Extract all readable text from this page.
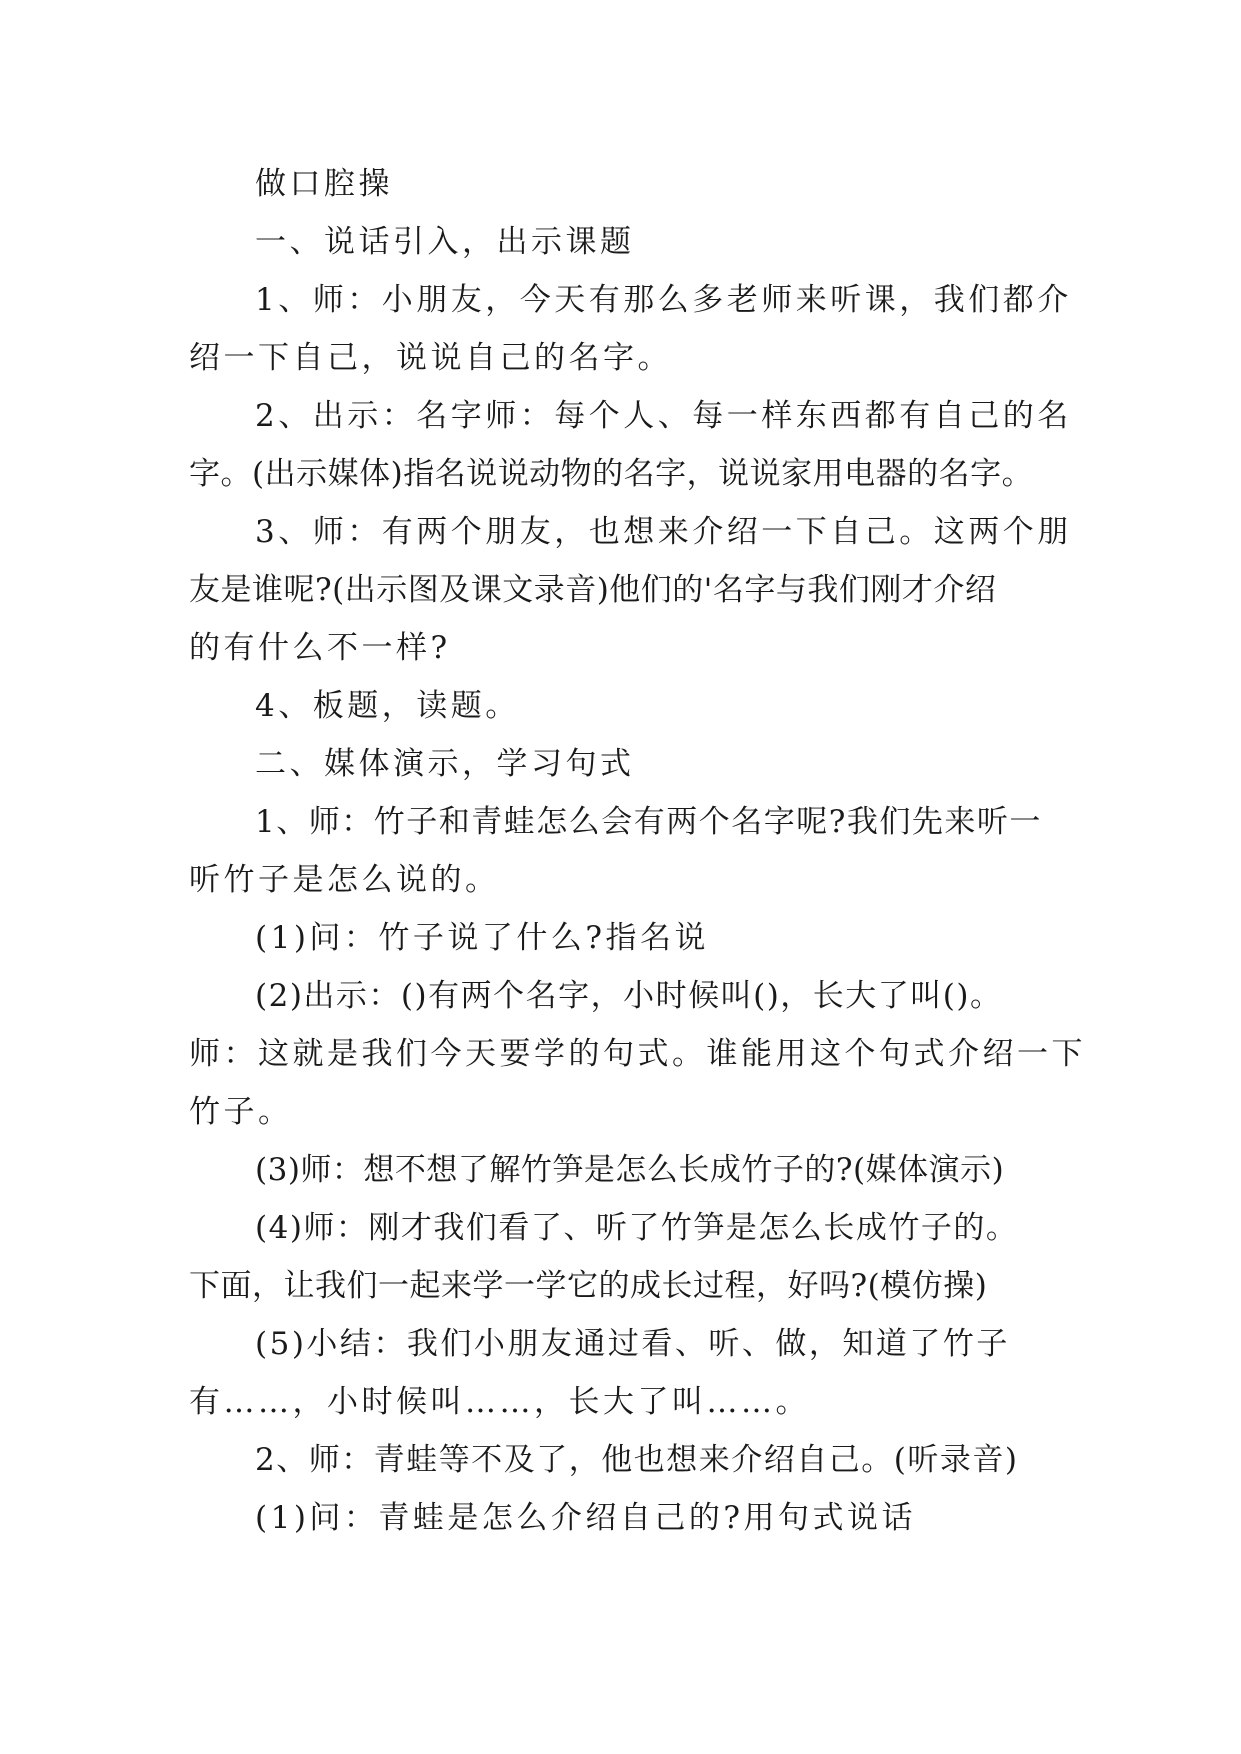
做口腔操
一、说话引入，出示课题
1、师：小朋友，今天有那么多老师来听课，我们都介
绍一下自己，说说自己的名字。
2、出示：名字师：每个人、每一样东西都有自己的名
字。(出示媒体)指名说说动物的名字，说说家用电器的名字。
3、师：有两个朋友，也想来介绍一下自己。这两个朋
友是谁呢?(出示图及课文录音)他们的'名字与我们刚才介绍
的有什么不一样?
4、板题，读题。
二、媒体演示，学习句式
1、师：竹子和青蛙怎么会有两个名字呢?我们先来听一
听竹子是怎么说的。
(1)问：竹子说了什么?指名说
(2)出示：()有两个名字，小时候叫()，长大了叫()。
师：这就是我们今天要学的句式。谁能用这个句式介绍一下
竹子。
(3)师：想不想了解竹笋是怎么长成竹子的?(媒体演示)
(4)师：刚才我们看了、听了竹笋是怎么长成竹子的。
下面，让我们一起来学一学它的成长过程，好吗?(模仿操)
(5)小结：我们小朋友通过看、听、做，知道了竹子
有……，小时候叫……，长大了叫……。
2、师：青蛙等不及了，他也想来介绍自己。(听录音)
(1)问：青蛙是怎么介绍自己的?用句式说话
